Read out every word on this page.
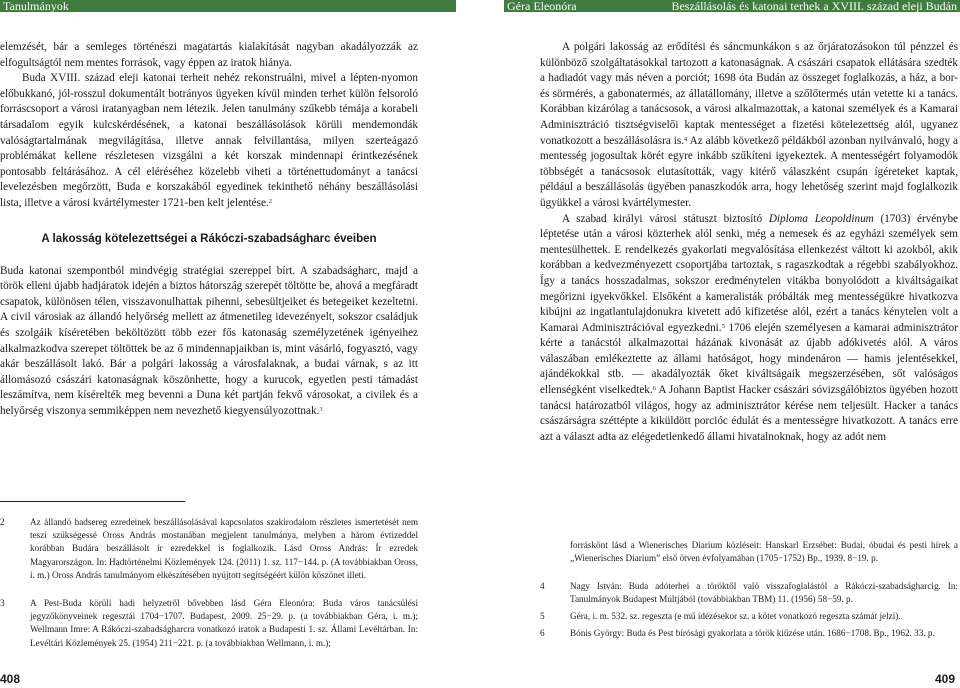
Tanulmányok	Géra Eleonóra	Beszállásolás és katonai terhek a XVIII. század eleji Budán

elemzését, bár a semleges történészi magatartás kialakítását nagyban akadályozzák az elfogultságtól nem mentes források, vagy éppen az iratok hiánya.

Buda XVIII. század eleji katonai terheit nehéz rekonstruálni, mivel a lépten-nyomon előbukkanó, jól-rosszul dokumentált botrányos ügyeken kívül minden terhet külön felsoroló forráscsoport a városi iratanyagban nem létezik. Jelen tanulmány szűkebb témája a korabeli társadalom egyik kulcskérdésének, a katonai beszállásolások körüli mendemondák valóságtartalmának megvilágítása, illetve annak felvillantása, milyen szerteágazó problémákat kellene részletesen vizsgálni a két korszak mindennapi érintkezésének pontosabb feltárásához. A cél eléréséhez közelebb viheti a történettudományt a tanácsi levelezésben megőrzött, Buda e korszakából egyedinek tekinthető néhány beszállásolási lista, illetve a városi kvártélymester 1721-ben kelt jelentése.$^2$

A lakosság kötelezettségei a Rákóczi-szabadságharc éveiben

Buda katonai szempontból mindvégig stratégiai szereppel bírt. A szabadságharc, majd a török elleni újabb hadjáratok idején a biztos hátország szerepét töltötte be, ahová a megfáradt csapatok, különösen télen, visszavonulhattak pihenni, sebesültjeiket és betegeiket kezeltetni. A civil városiak az állandó helyőrség mellett az átmenetileg idevezényelt, sokszor családjuk és szolgáik kíséretében beköltözött több ezer fős katonaság személyzetének igényeihez alkalmazkodva szerepet töltöttek be az ő mindennapjaikban is, mint vásárló, fogyasztó, vagy akár beszállásolt lakó. Bár a polgári lakosság a városfalaknak, a budai várnak, s az itt állomásozó császári katonaságnak köszönhette, hogy a kurucok, egyetlen pesti támadást leszámítva, nem kísérelték meg bevenni a Duna két partján fekvő városokat, a civilek és a helyőrség viszonya semmiképpen nem nevezhető kiegyensúlyozottnak.$^3$

2	Az állandó hadsereg ezredeinek beszállásolásával kapcsolatos szakirodalom részletes ismertetését nem teszi szükségessé Oross András mostanában megjelent tanulmánya, melyben a három évtizeddel korábban Budára beszállásolt ír ezredekkel is foglalkozik. Lásd Oross András: Ír ezredek Magyarországon. In: Hadtörténelmi Közlemények 124. (2011) 1. sz. 117−144. p. (A továbbiakban Oross, i. m.) Oross András tanulmányom elkészítésében nyújtott segítségéért külön köszönet illeti.
3	A Pest-Buda körüli hadi helyzetről bővebben lásd Géra Eleonóra: Buda város tanácsülési jegyzőkönyveinek regesztái 1704−1707. Budapest, 2009. 25−29. p. (a továbbiakban Géra, i. m.); Wellmann Imre: A Rákóczi-szabadságharcra vonatkozó iratok a Budapesti 1. sz. Állami Levéltárban. In: Levéltári Közlemények 25. (1954) 211−221. p. (a továbbiakban Wellmann, i. m.);
408

A polgári lakosság az erődítési és sáncmunkákon s az őrjáratozásokon túl pénzzel és különböző szolgáltatásokkal tartozott a katonaságnak. A császári csapatok ellátására szedték a hadiadót vagy más néven a porciót; 1698 óta Budán az összeget foglalkozás, a ház, a bor- és sörmérés, a gabonatermés, az állatállomány, illetve a szőlőtermés után vetette ki a tanács. Korábban kizárólag a tanácsosok, a városi alkalmazottak, a katonai személyek és a Kamarai Adminisztráció tisztségviselői kaptak mentességet a fizetési kötelezettség alól, ugyanez vonatkozott a beszállásolásra is.$^4$ Az alább következő példákból azonban nyilvánvaló, hogy a mentesség jogosultak körét egyre inkább szűkíteni igyekeztek. A mentességért folyamodók többségét a tanácsosok elutasították, vagy kitérő válaszként csupán ígéreteket kaptak, például a beszállásolás ügyében panaszkodók arra, hogy lehetőség szerint majd foglalkozik ügyükkel a városi kvártélymester.

A szabad királyi városi státuszt biztosító Diploma Leopoldinum (1703) érvénybe léptetése után a városi közterhek alól senki, még a nemesek és az egyházi személyek sem mentesülhettek. E rendelkezés gyakorlati megvalósítása ellenkezést váltott ki azokból, akik korábban a kedvezményezett csoportjába tartoztak, s ragaszkodtak a régebbi szabályokhoz. Így a tanács hosszadalmas, sokszor eredménytelen vitákba bonyolódott a kiváltságaikat megőrizni igyekvőkkel. Elsőként a kameralisták próbálták meg mentességükre hivatkozva kibújni az ingatlantulajdonukra kivetett adó kifizetése alól, ezért a tanács kénytelen volt a Kamarai Adminisztrációval egyezkedni.$^5$ 1706 elején személyesen a kamarai adminisztrátor kérte a tanácstól alkalmazottai házának kivonását az újabb adókivetés alól. A város válaszában emlékeztette az állami hatóságot, hogy mindenáron — hamis jelentésekkel, ajándékokkal stb. — akadályozták őket kiváltságaik megszerzésében, sőt valóságos ellenségként viselkedtek.$^6$ A Johann Baptist Hacker császári sóvizsgálóbiztos ügyében hozott tanácsi határozatból világos, hogy az adminisztrátor kérése nem teljesült. Hacker a tanács császárságra széttépte a kiküldött porcióc édulát és a mentességre hivatkozott. A tanács erre azt a választ adta az elégedetlenkedő állami hivatalnoknak, hogy az adót nem

forráskönt lásd a Wienerisches Diarium közléseit: Hanskarl Erzsébet: Budai, óbudai és pesti hírek a „Wienerisches Diarium” első ötven évfolyamában (1705−1752) Bp., 1939. 8−19. p.
4	Nagy István: Buda adóterhei a töröktől való visszafoglalástól a Rákóczi-szabadságharcig. In: Tanulmányok Budapest Múltjából (továbbiakban TBM) 11. (1956) 58−59. p.
5	Géra, i. m. 532. sz. regeszta (e mű idézésekor sz. a kötet vonatkozó regeszta számát jelzi).
6	Bónis György: Buda és Pest bírósági gyakorlata a török kiűzése után. 1686−1708. Bp., 1962. 33. p.
409
